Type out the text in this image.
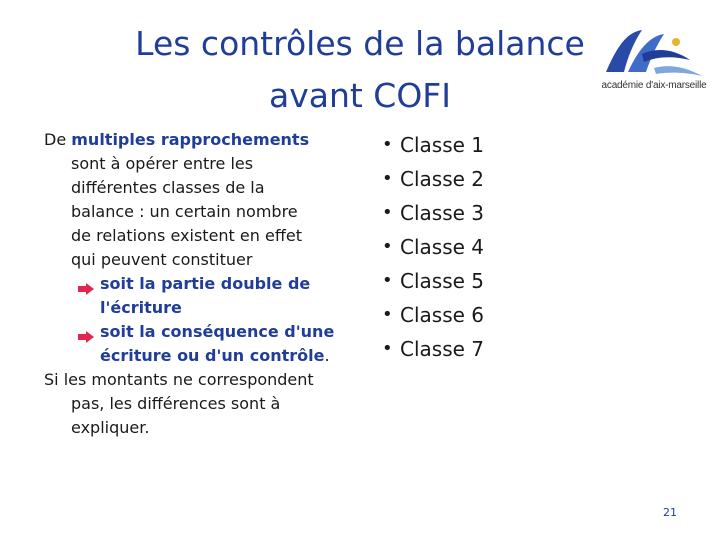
Les contrôles de la balance
avant COFI	académie d'aix-marseille

De multiples rapprochements
sont à opérer entre les
différentes classes de la
balance : un certain nombre
de relations existent en effet
qui peuvent constituer

soit la partie double de
l'écriture
soit la conséquence d'une
écriture ou d'un contrôle.

Si les montants ne correspondent
pas, les différences sont à
expliquer.

• Classe 1
• Classe 2
• Classe 3
• Classe 4
• Classe 5
• Classe 6
• Classe 7
21
